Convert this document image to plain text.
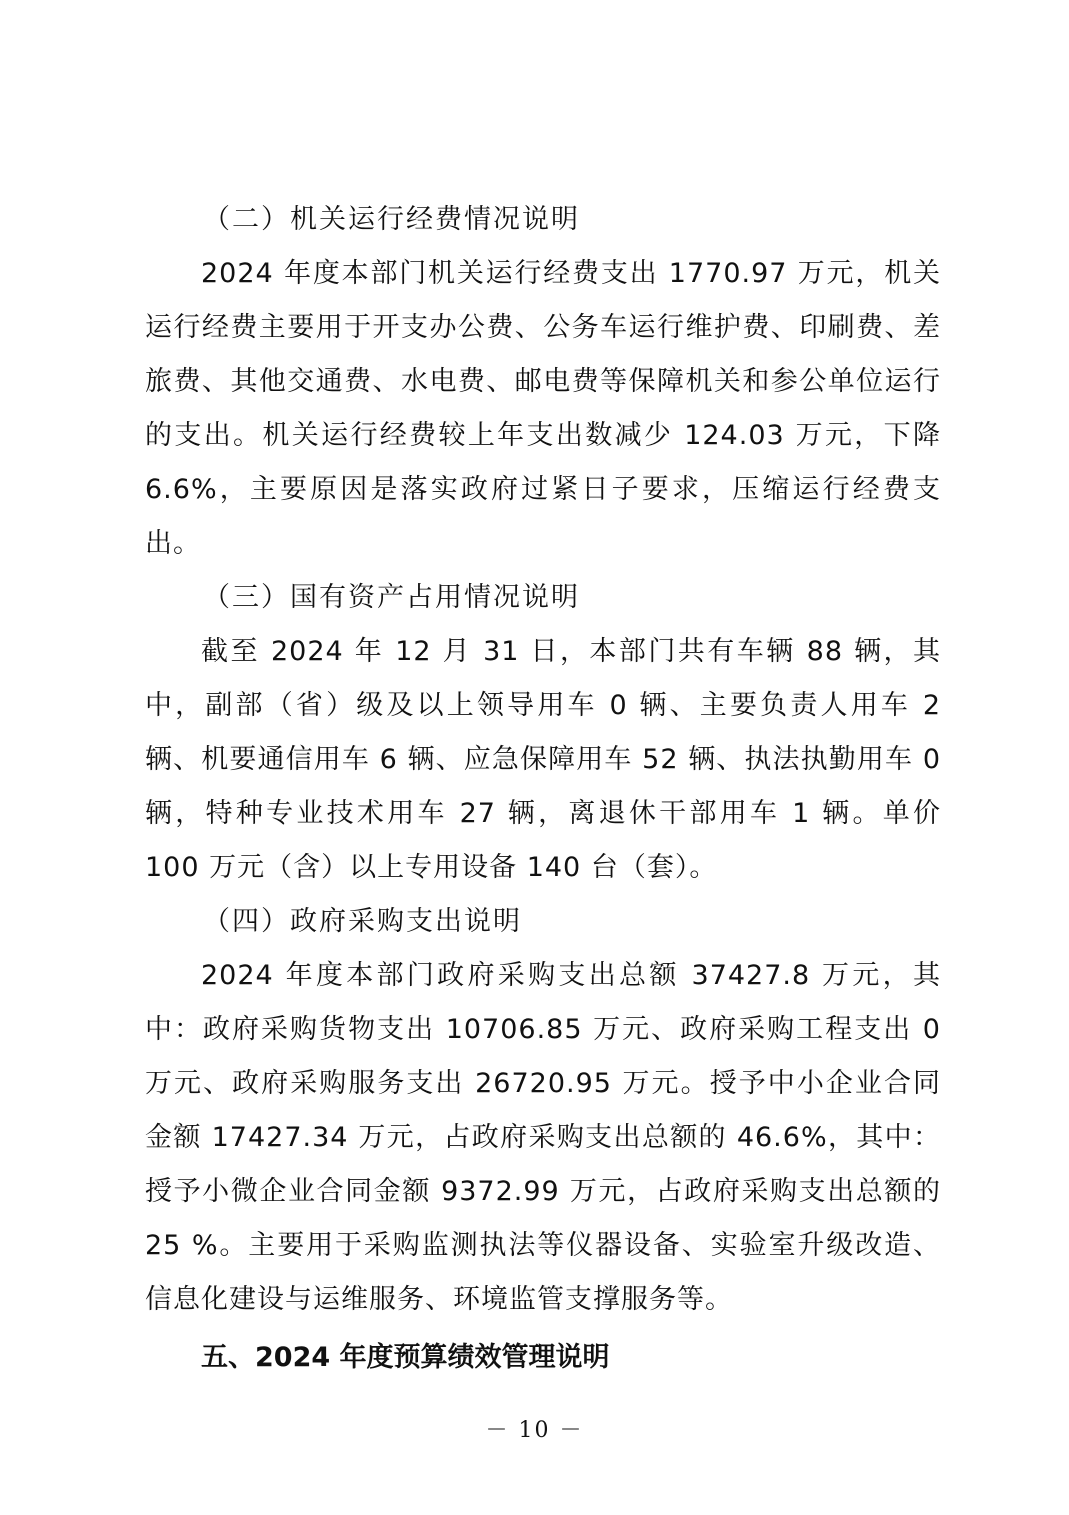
（二）机关运行经费情况说明

2024 年度本部门机关运行经费支出 1770.97 万元，机关运行经费主要用于开支办公费、公务车运行维护费、印刷费、差旅费、其他交通费、水电费、邮电费等保障机关和参公单位运行的支出。机关运行经费较上年支出数减少 124.03 万元，下降 6.6%，主要原因是落实政府过紧日子要求，压缩运行经费支出。

（三）国有资产占用情况说明

截至 2024 年 12 月 31 日，本部门共有车辆 88 辆，其中，副部（省）级及以上领导用车 0 辆、主要负责人用车 2 辆、机要通信用车 6 辆、应急保障用车 52 辆、执法执勤用车 0 辆，特种专业技术用车 27 辆，离退休干部用车 1 辆。单价 100 万元（含）以上专用设备 140 台（套）。

（四）政府采购支出说明

2024 年度本部门政府采购支出总额 37427.8 万元，其中：政府采购货物支出 10706.85 万元、政府采购工程支出 0 万元、政府采购服务支出 26720.95 万元。授予中小企业合同金额 17427.34 万元，占政府采购支出总额的 46.6%，其中：授予小微企业合同金额 9372.99 万元，占政府采购支出总额的 25 %。主要用于采购监测执法等仪器设备、实验室升级改造、信息化建设与运维服务、环境监管支撑服务等。

五、2024 年度预算绩效管理说明
－ 10 －
